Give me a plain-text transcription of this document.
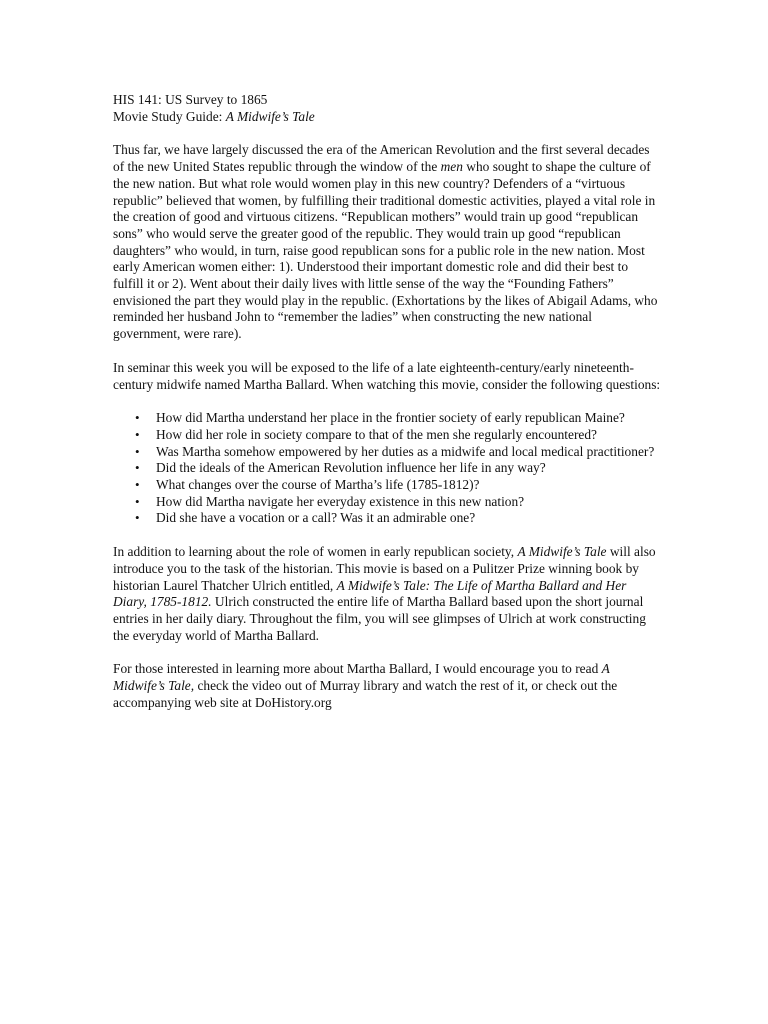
HIS 141: US Survey to 1865

Movie Study Guide: A Midwife’s Tale

Thus far, we have largely discussed the era of the American Revolution and the first several decades of the new United States republic through the window of the men who sought to shape the culture of the new nation. But what role would women play in this new country? Defenders of a “virtuous republic” believed that women, by fulfilling their traditional domestic activities, played a vital role in the creation of good and virtuous citizens. “Republican mothers” would train up good “republican sons” who would serve the greater good of the republic. They would train up good “republican daughters” who would, in turn, raise good republican sons for a public role in the new nation. Most early American women either: 1). Understood their important domestic role and did their best to fulfill it or 2). Went about their daily lives with little sense of the way the “Founding Fathers” envisioned the part they would play in the republic. (Exhortations by the likes of Abigail Adams, who reminded her husband John to “remember the ladies” when constructing the new national government, were rare).

In seminar this week you will be exposed to the life of a late eighteenth-century/early nineteenth-century midwife named Martha Ballard. When watching this movie, consider the following questions:

• How did Martha understand her place in the frontier society of early republican Maine?
• How did her role in society compare to that of the men she regularly encountered?
• Was Martha somehow empowered by her duties as a midwife and local medical practitioner?
• Did the ideals of the American Revolution influence her life in any way?
• What changes over the course of Martha’s life (1785-1812)?
• How did Martha navigate her everyday existence in this new nation?
• Did she have a vocation or a call? Was it an admirable one?

In addition to learning about the role of women in early republican society, A Midwife’s Tale will also introduce you to the task of the historian. This movie is based on a Pulitzer Prize winning book by historian Laurel Thatcher Ulrich entitled, A Midwife’s Tale: The Life of Martha Ballard and Her Diary, 1785-1812. Ulrich constructed the entire life of Martha Ballard based upon the short journal entries in her daily diary. Throughout the film, you will see glimpses of Ulrich at work constructing the everyday world of Martha Ballard.

For those interested in learning more about Martha Ballard, I would encourage you to read A Midwife’s Tale, check the video out of Murray library and watch the rest of it, or check out the accompanying web site at DoHistory.org
